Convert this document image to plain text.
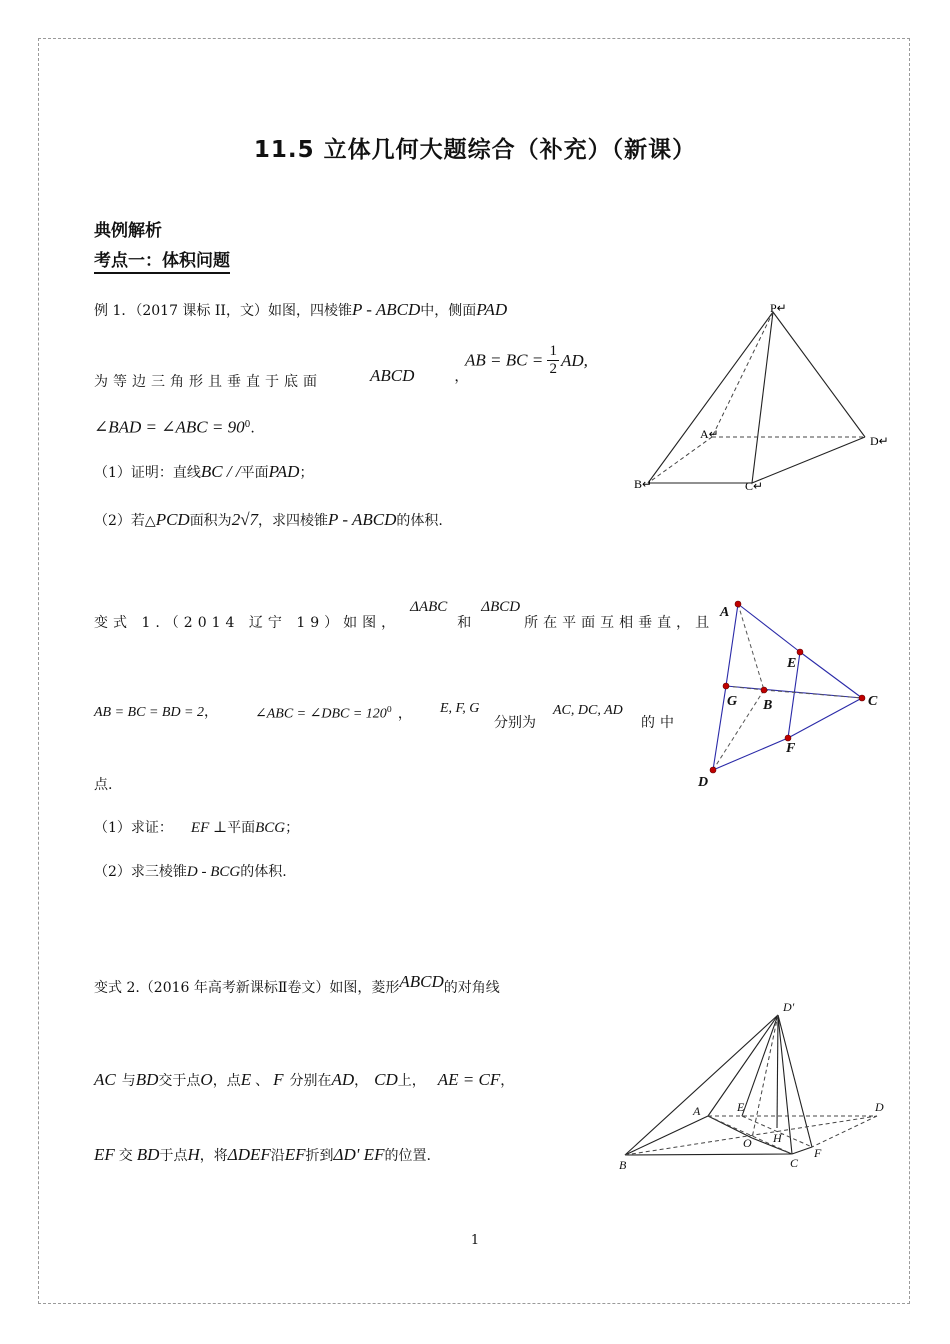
11.5 立体几何大题综合（补充）（新课）
典例解析
考点一：体积问题
例 1．（2017 课标 II，文）如图，四棱锥P - ABCD中，侧面PAD
为等边三角形且垂直于底面	ABCD	，
AB = BC = $\frac{1}{2}$ AD,
∠BAD = ∠ABC = $90^0$.
（1）证明：直线BC / /平面PAD；
（2）若△PCD面积为2√7，求四棱锥P - ABCD的体积.
P↵
A↵
B↵	C↵
D↵
变式 1.（2014 辽宁 19）如图，ΔABC和ΔBCD所在平面互相垂直，且
AB = BC = BD = 2，	∠ABC = ∠DBC = $120^0$ ， E, F, G
分别为
AC, DC, AD
的中
点.
（1）求证： EF ⊥平面BCG；
（2）求三棱锥D - BCG的体积.
A
E
G B	C
F
D
变式 2.（2016 年高考新课标Ⅱ卷文）如图，菱形ABCD的对角线
AC 与BD交于点O，点E 、 F 分别在AD， CD上， AE = CF，
EF 交 BD于点H，将ΔDEF沿EF折到ΔD' EF的位置.
D′
A	E	D
O H
B	C
F
1
